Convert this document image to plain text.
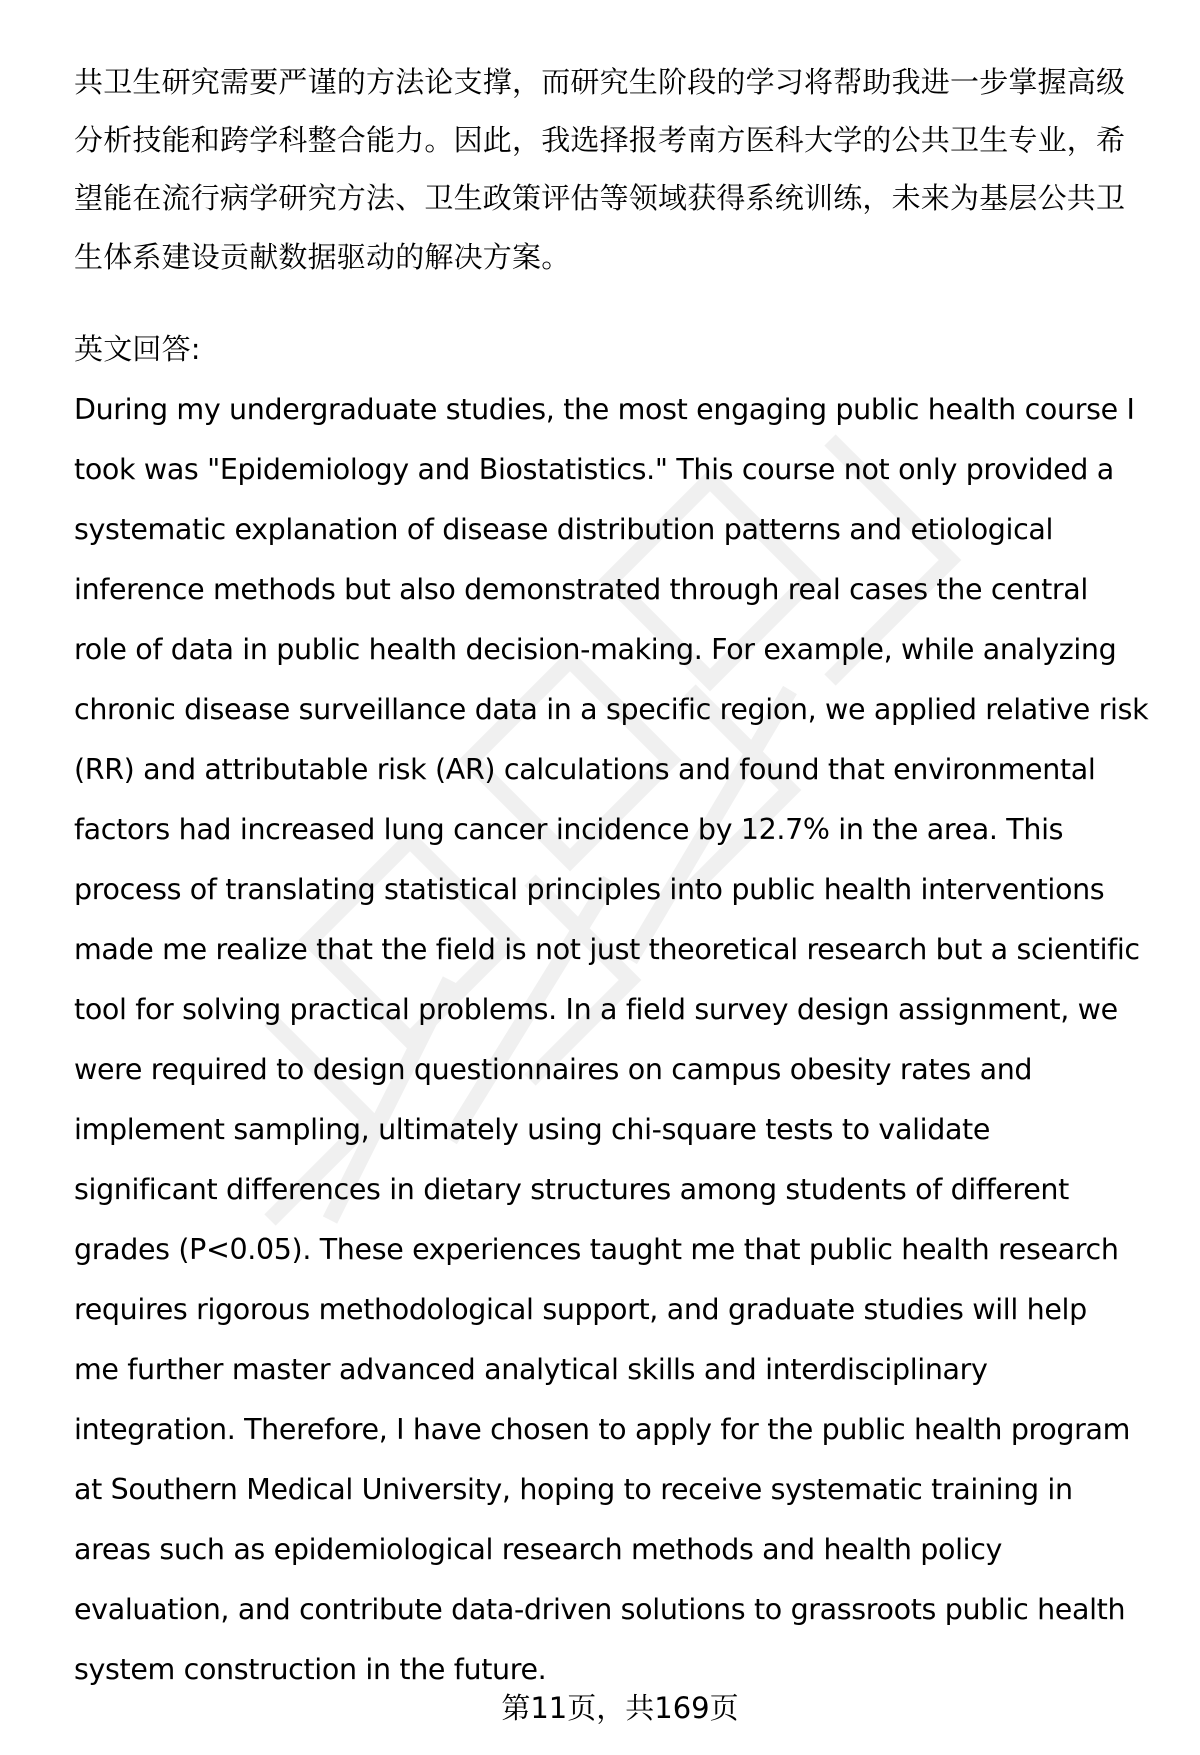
共卫生研究需要严谨的方法论支撑，而研究生阶段的学习将帮助我进一步掌握高级
分析技能和跨学科整合能力。因此，我选择报考南方医科大学的公共卫生专业，希
望能在流行病学研究方法、卫生政策评估等领域获得系统训练，未来为基层公共卫
生体系建设贡献数据驱动的解决方案。
英文回答:
During my undergraduate studies, the most engaging public health course I
took was "Epidemiology and Biostatistics." This course not only provided a
systematic explanation of disease distribution patterns and etiological
inference methods but also demonstrated through real cases the central
role of data in public health decision-making. For example, while analyzing
chronic disease surveillance data in a specific region, we applied relative risk
(RR) and attributable risk (AR) calculations and found that environmental
factors had increased lung cancer incidence by 12.7% in the area. This
process of translating statistical principles into public health interventions
made me realize that the field is not just theoretical research but a scientific
tool for solving practical problems. In a field survey design assignment, we
were required to design questionnaires on campus obesity rates and
implement sampling, ultimately using chi-square tests to validate
significant differences in dietary structures among students of different
grades (P<0.05). These experiences taught me that public health research
requires rigorous methodological support, and graduate studies will help
me further master advanced analytical skills and interdisciplinary
integration. Therefore, I have chosen to apply for the public health program
at Southern Medical University, hoping to receive systematic training in
areas such as epidemiological research methods and health policy
evaluation, and contribute data-driven solutions to grassroots public health
system construction in the future.
第11页，共169页
